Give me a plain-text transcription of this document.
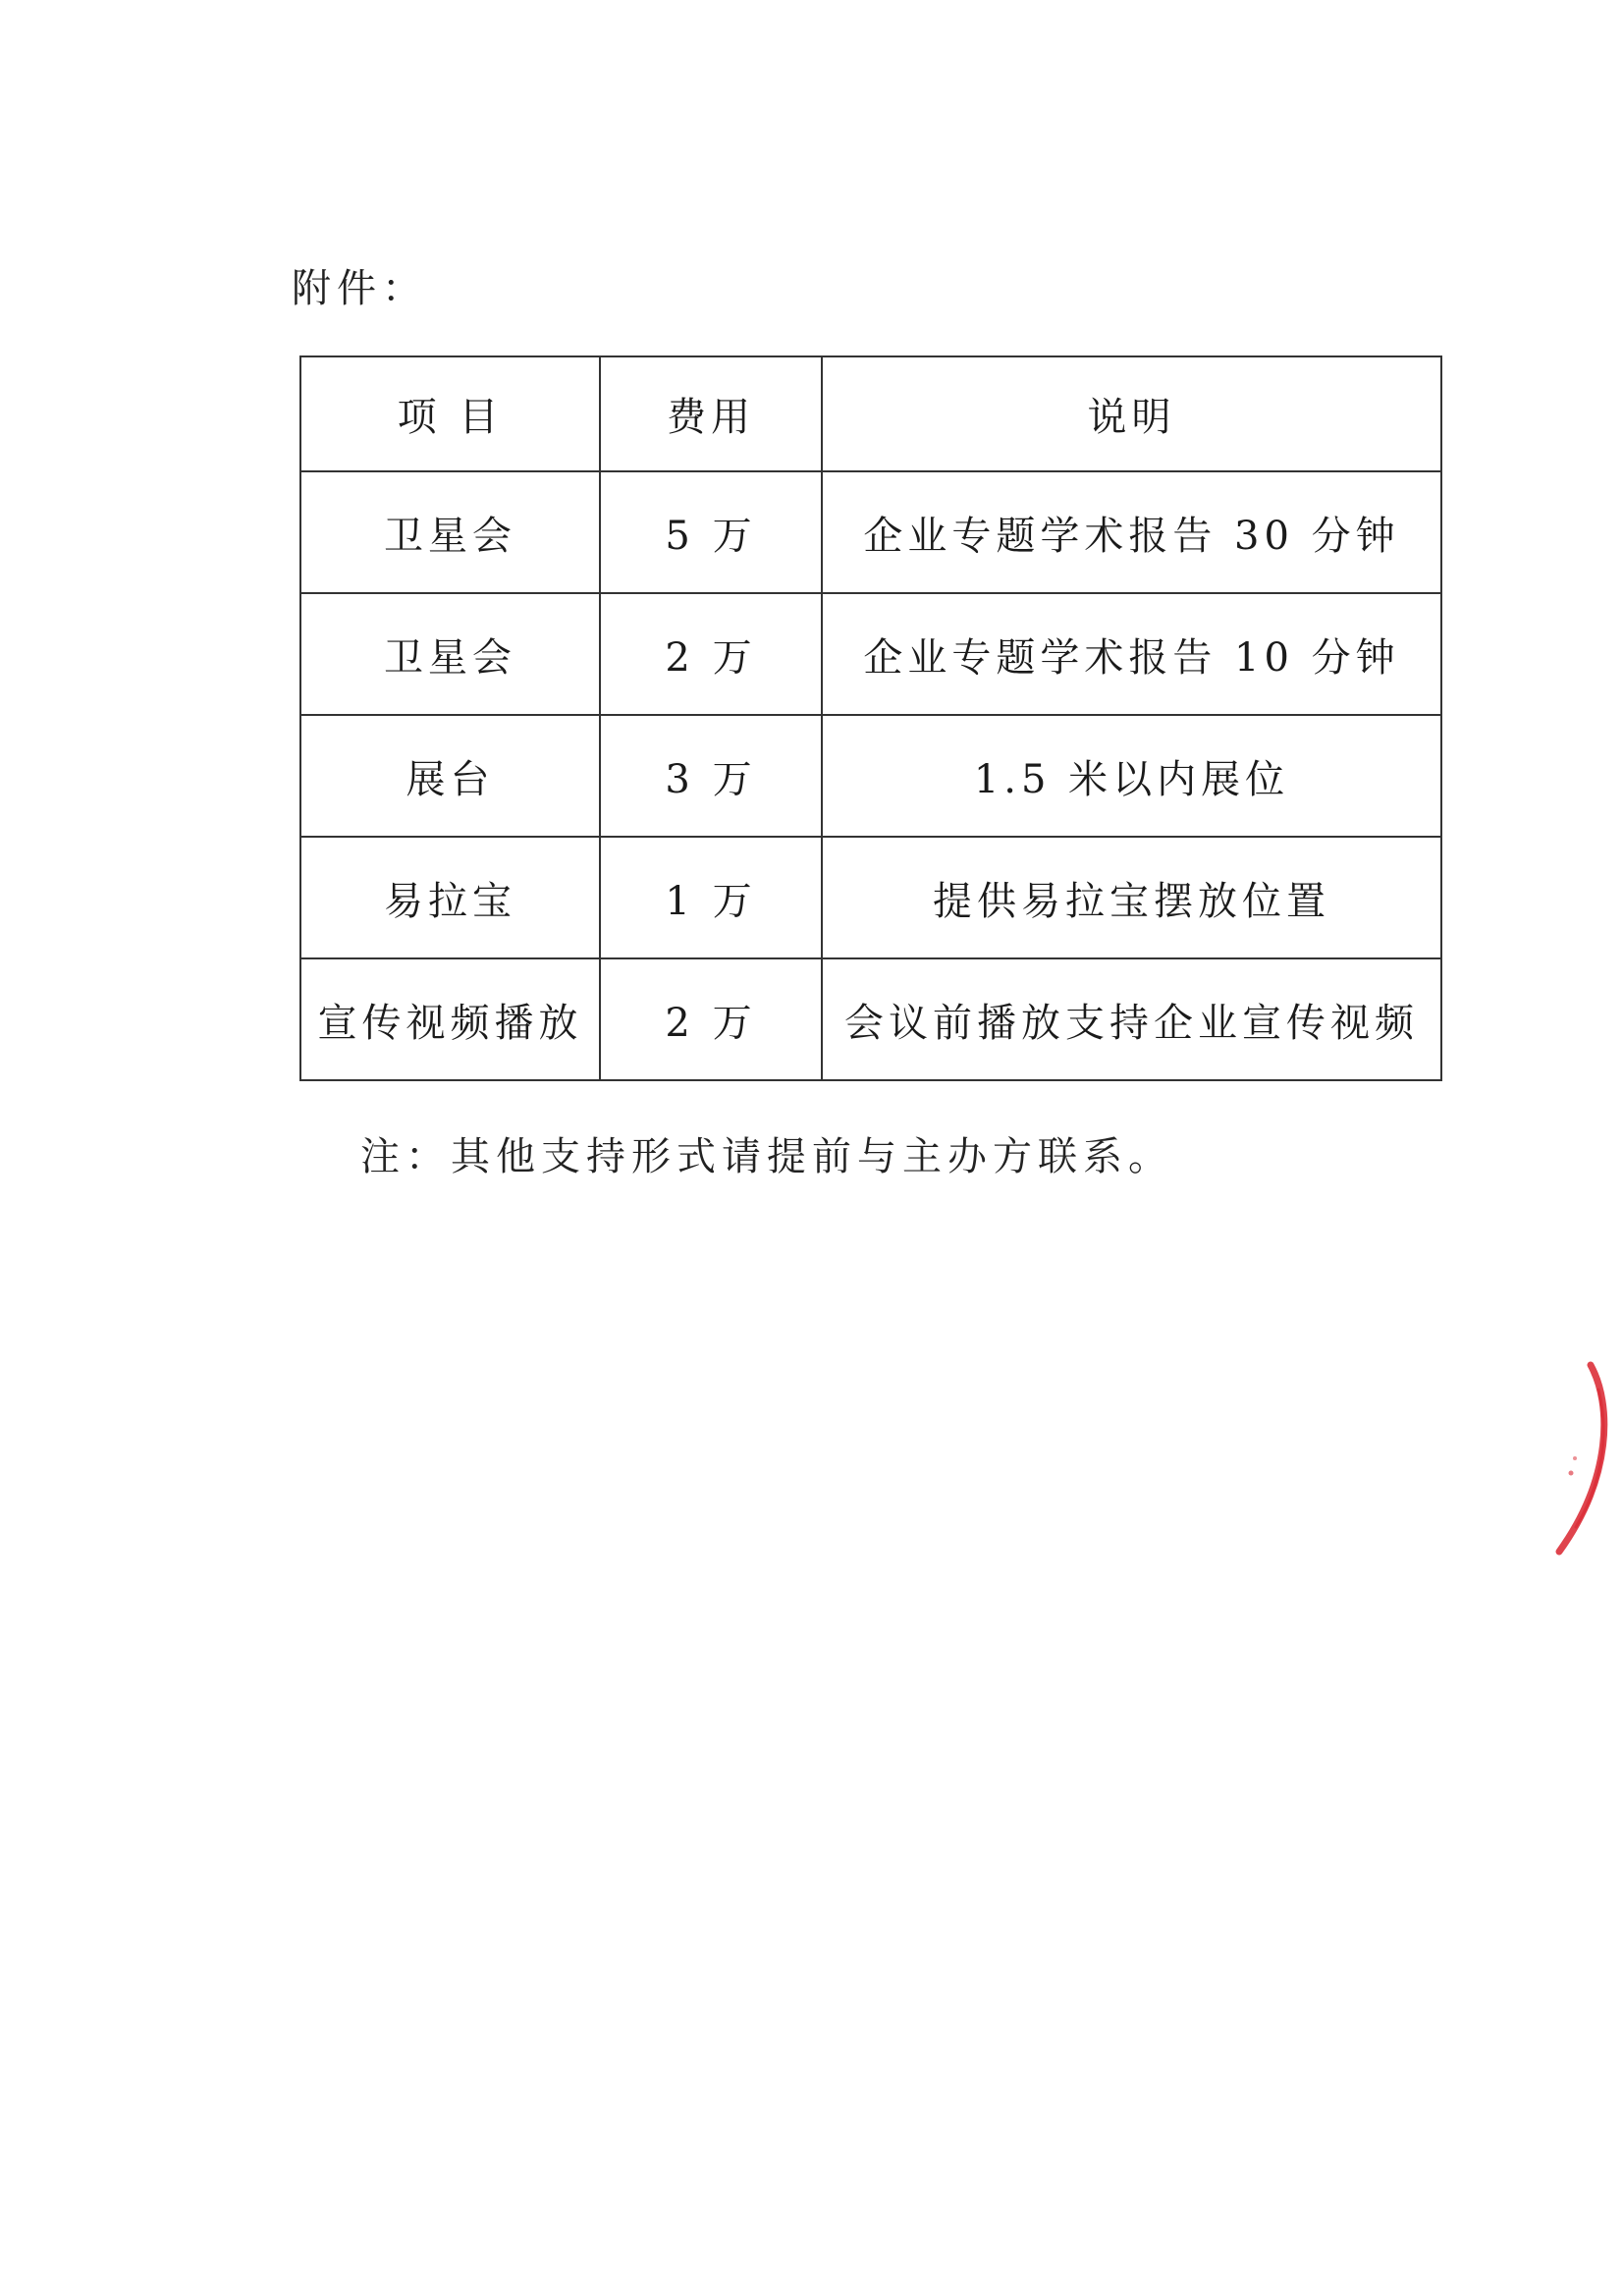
附件：
项 目	费用	说明
卫星会	5 万	企业专题学术报告 30 分钟
卫星会	2 万	企业专题学术报告 10 分钟
展台	3 万	1.5 米以内展位
易拉宝	1 万	提供易拉宝摆放位置
宣传视频播放	2 万	会议前播放支持企业宣传视频
注：其他支持形式请提前与主办方联系。
